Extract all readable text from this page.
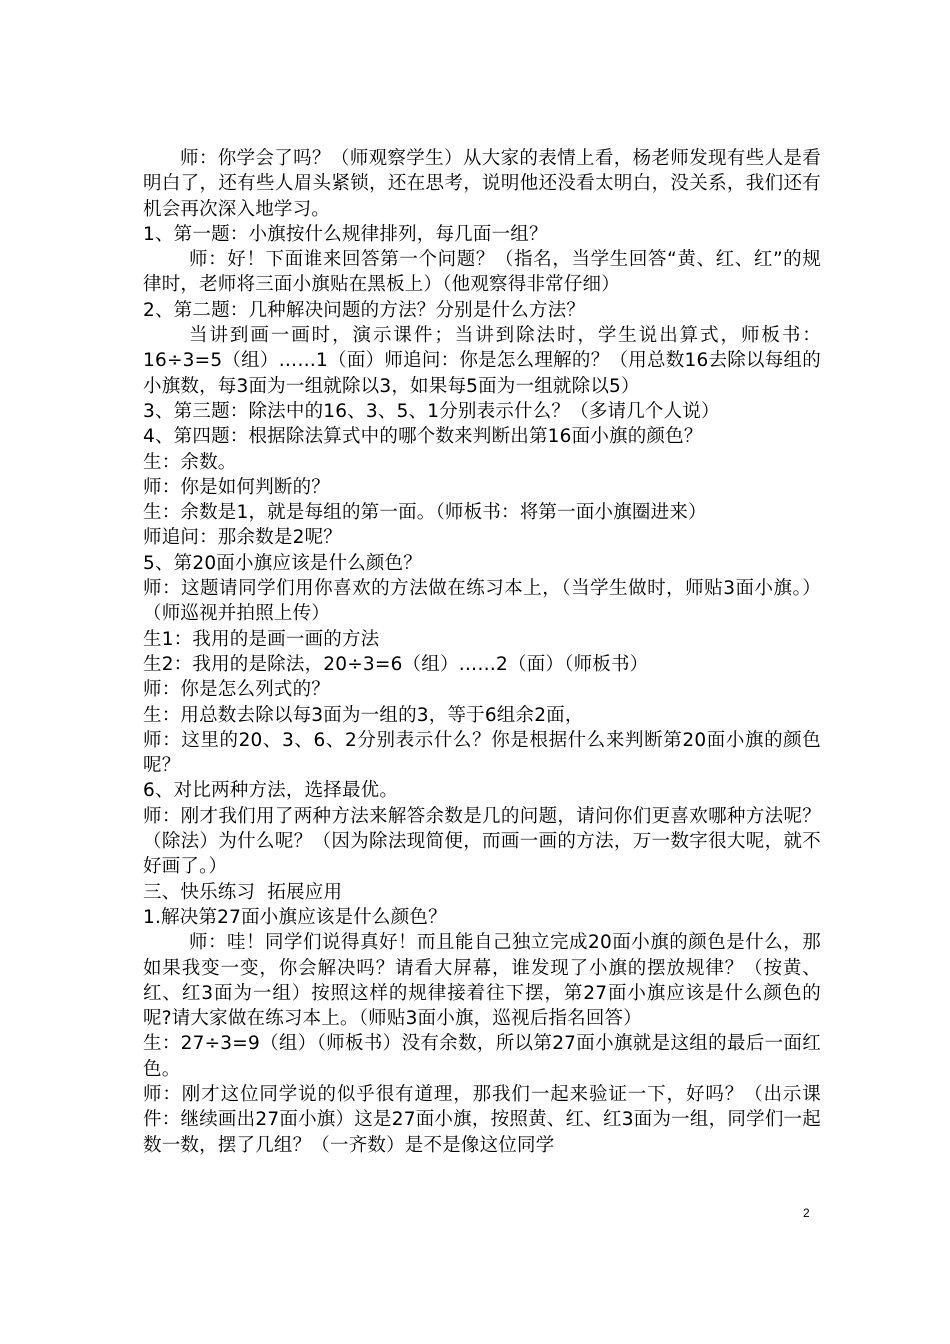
师：你学会了吗？（师观察学生）从大家的表情上看，杨老师发现有些人是看明白了，还有些人眉头紧锁，还在思考，说明他还没看太明白，没关系，我们还有机会再次深入地学习。

1、第一题：小旗按什么规律排列，每几面一组？

师：好！下面谁来回答第一个问题？（指名，当学生回答“黄、红、红”的规律时，老师将三面小旗贴在黑板上）（他观察得非常仔细）

2、第二题：几种解决问题的方法？分别是什么方法？

当讲到画一画时，演示课件；当讲到除法时，学生说出算式，师板书：16÷3=5（组）……1（面）师追问：你是怎么理解的？（用总数16去除以每组的小旗数，每3面为一组就除以3，如果每5面为一组就除以5）

3、第三题：除法中的16、3、5、1分别表示什么？（多请几个人说）

4、第四题：根据除法算式中的哪个数来判断出第16面小旗的颜色？

生：余数。

师：你是如何判断的？

生：余数是1，就是每组的第一面。（师板书：将第一面小旗圈进来）

师追问：那余数是2呢？

5、第20面小旗应该是什么颜色？

师：这题请同学们用你喜欢的方法做在练习本上，（当学生做时，师贴3面小旗。）（师巡视并拍照上传）

生1：我用的是画一画的方法

生2：我用的是除法，20÷3=6（组）……2（面）（师板书）

师：你是怎么列式的？

生：用总数去除以每3面为一组的3，等于6组余2面，

师：这里的20、3、6、2分别表示什么？你是根据什么来判断第20面小旗的颜色呢？

6、对比两种方法，选择最优。

师：刚才我们用了两种方法来解答余数是几的问题，请问你们更喜欢哪种方法呢？（除法）为什么呢？（因为除法现简便，而画一画的方法，万一数字很大呢，就不好画了。）

三、快乐练习  拓展应用

1.解决第27面小旗应该是什么颜色？

师：哇！同学们说得真好！而且能自己独立完成20面小旗的颜色是什么，那如果我变一变，你会解决吗？请看大屏幕，谁发现了小旗的摆放规律？（按黄、红、红3面为一组）按照这样的规律接着往下摆，第27面小旗应该是什么颜色的呢?请大家做在练习本上。（师贴3面小旗，巡视后指名回答）

生：27÷3=9（组）（师板书）没有余数，所以第27面小旗就是这组的最后一面红色。

师：刚才这位同学说的似乎很有道理，那我们一起来验证一下，好吗？（出示课件：继续画出27面小旗）这是27面小旗，按照黄、红、红3面为一组，同学们一起数一数，摆了几组？（一齐数）是不是像这位同学

2
